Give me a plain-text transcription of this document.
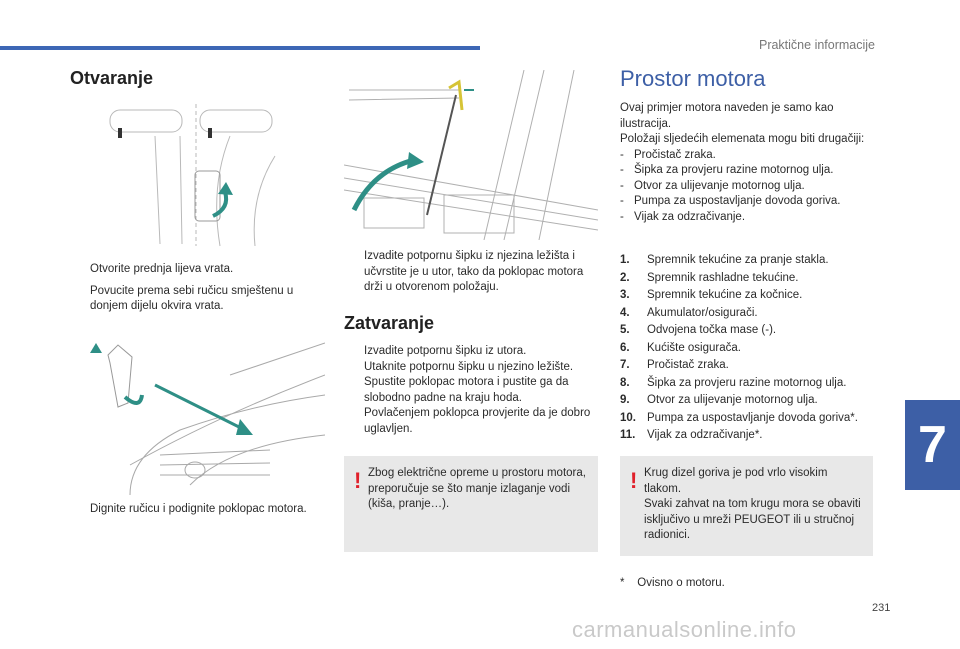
Praktične informacije
Otvaranje
Otvorite prednja lijeva vrata.
Povucite prema sebi ručicu smještenu u donjem dijelu okvira vrata.
Dignite ručicu i podignite poklopac motora.
Izvadite potpornu šipku iz njezina ležišta i učvrstite je u utor, tako da poklopac motora drži u otvorenom položaju.
Zatvaranje
Izvadite potpornu šipku iz utora.
Utaknite potpornu šipku u njezino ležište.
Spustite poklopac motora i pustite ga da slobodno padne na kraju hoda.
Povlačenjem poklopca provjerite da je dobro uglavljen.
! Zbog električne opreme u prostoru motora, preporučuje se što manje izlaganje vodi (kiša, pranje…).
Prostor motora
Ovaj primjer motora naveden je samo kao ilustracija.
Položaji sljedećih elemenata mogu biti drugačiji:
- Pročistač zraka.
- Šipka za provjeru razine motornog ulja.
- Otvor za ulijevanje motornog ulja.
- Pumpa za uspostavljanje dovoda goriva.
- Vijak za odzračivanje.
1.	Spremnik tekućine za pranje stakla.
2.	Spremnik rashladne tekućine.
3.	Spremnik tekućine za kočnice.
4.	Akumulator/osigurači.
5.	Odvojena točka mase (-).
6.	Kućište osigurača.
7.	Pročistač zraka.
8.	Šipka za provjeru razine motornog ulja.
9.	Otvor za ulijevanje motornog ulja.
10. Pumpa za uspostavljanje dovoda goriva*.
11.	Vijak za odzračivanje*.
! Krug dizel goriva je pod vrlo visokim tlakom.
Svaki zahvat na tom krugu mora se obaviti isključivo u mreži PEUGEOT ili u stručnoj radionici.
*    Ovisno o motoru.
7
231
carmanualsonline.info
